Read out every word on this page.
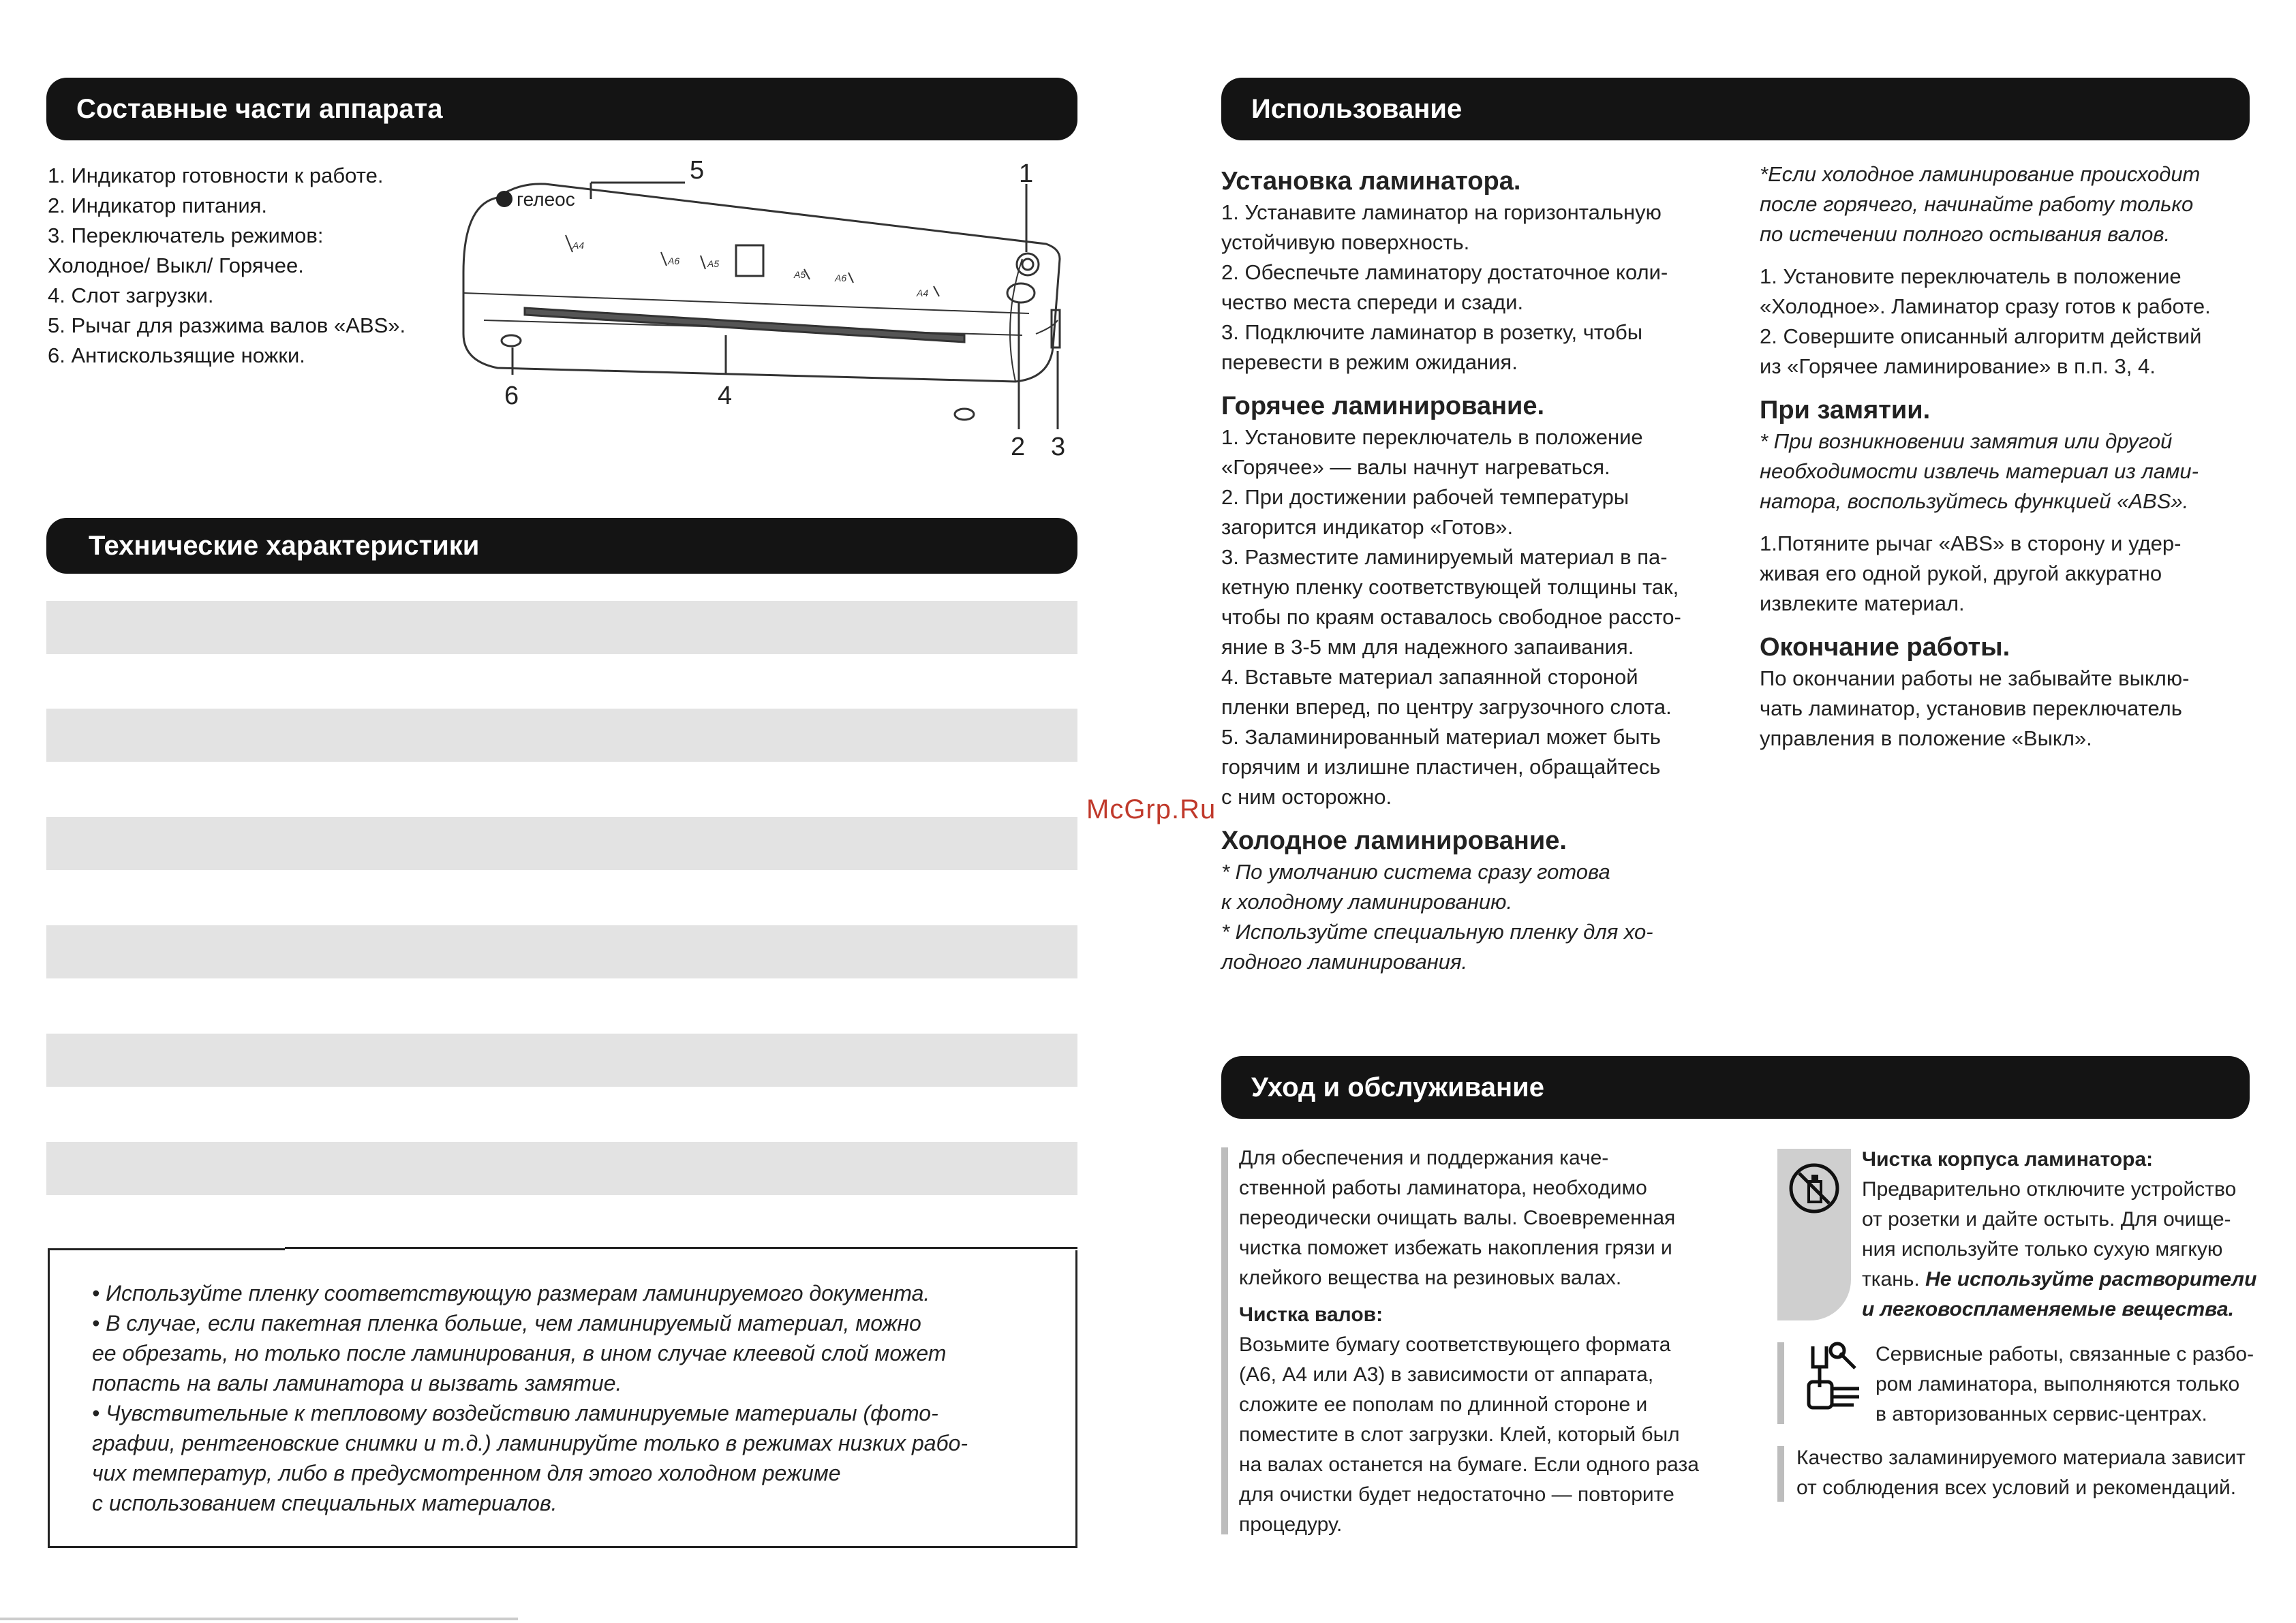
Составные части аппарата
1. Индикатор готовности к работе.
2. Индикатор питания.
3. Переключатель режимов:
Холодное/ Выкл/ Горячее.
4. Слот загрузки.
5. Рычаг для разжима валов «ABS».
6. Антискользящие ножки.
гелеос
A4
A6	A5
A5	A6
A4
1
2 3
4
5
6
Технические характеристики
• Используйте пленку соответствующую размерам ламинируемого документа.
• В случае, если пакетная пленка больше, чем ламинируемый материал, можно
ее обрезать, но только после ламинирования, в ином случае клеевой слой может
попасть на валы ламинатора и вызвать замятие.
• Чувствительные к тепловому воздействию ламинируемые материалы (фото-
графии, рентгеновские снимки и т.д.) ламинируйте только в режимах низких рабо-
чих температур, либо в предусмотренном для этого холодном режиме
с использованием специальных материалов.
McGrp.Ru
Использование
Установка ламинатора.
1. Устанавите ламинатор на горизонтальную
устойчивую поверхность.
2. Обеспечьте ламинатору достаточное коли-
чество места спереди и сзади.
3. Подключите ламинатор в розетку, чтобы
перевести в режим ожидания.
Горячее ламинирование.
1. Установите переключатель в положение
«Горячее» — валы начнут нагреваться.
2. При достижении рабочей температуры
загорится индикатор «Готов».
3. Разместите ламинируемый материал в па-
кетную пленку соответствующей толщины так,
чтобы по краям оставалось свободное рассто-
яние в 3-5 мм для надежного запаивания.
4. Вставьте материал запаянной стороной
пленки вперед, по центру загрузочного слота.
5. Заламинированный материал может быть
горячим и излишне пластичен, обращайтесь
с ним осторожно.
Холодное ламинирование.
* По умолчанию система сразу готова
к холодному ламинированию.
* Используйте специальную пленку для хо-
лодного ламинирования.
*Если холодное ламинирование происходит
после горячего, начинайте работу только
по истечении полного остывания валов.
1. Установите переключатель в положение
«Холодное». Ламинатор сразу готов к работе.
2. Совершите описанный алгоритм действий
из «Горячее ламинирование» в п.п. 3, 4.
При замятии.
* При возникновении замятия или другой
необходимости извлечь материал из лами-
натора, воспользуйтесь функцией «ABS».
1.Потяните рычаг «ABS» в сторону и удер-
живая его одной рукой, другой аккуратно
извлеките материал.
Окончание работы.
По окончании работы не забывайте выклю-
чать ламинатор, установив переключатель
управления в положение «Выкл».
Уход и обслуживание
Для обеспечения и поддержания каче-
ственной работы ламинатора, необходимо
переодически очищать валы. Своевременная
чистка поможет избежать накопления грязи и
клейкого вещества на резиновых валах.
Чистка валов:
Возьмите бумагу соответствующего формата
(А6, А4 или А3) в зависимости от аппарата,
сложите ее пополам по длинной стороне и
поместите в слот загрузки. Клей, который был
на валах останется на бумаге. Если одного раза
для очистки будет недостаточно — повторите
процедуру.
Чистка корпуса ламинатора:
Предварительно отключите устройство
от розетки и дайте остыть. Для очище-
ния используйте только сухую мягкую
ткань. Не используйте растворители
и легковоспламеняемые вещества.
Сервисные работы, связанные с разбо-
ром ламинатора, выполняются только
в авторизованных сервис-центрах.
Качество заламинируемого материала зависит
от соблюдения всех условий и рекомендаций.
